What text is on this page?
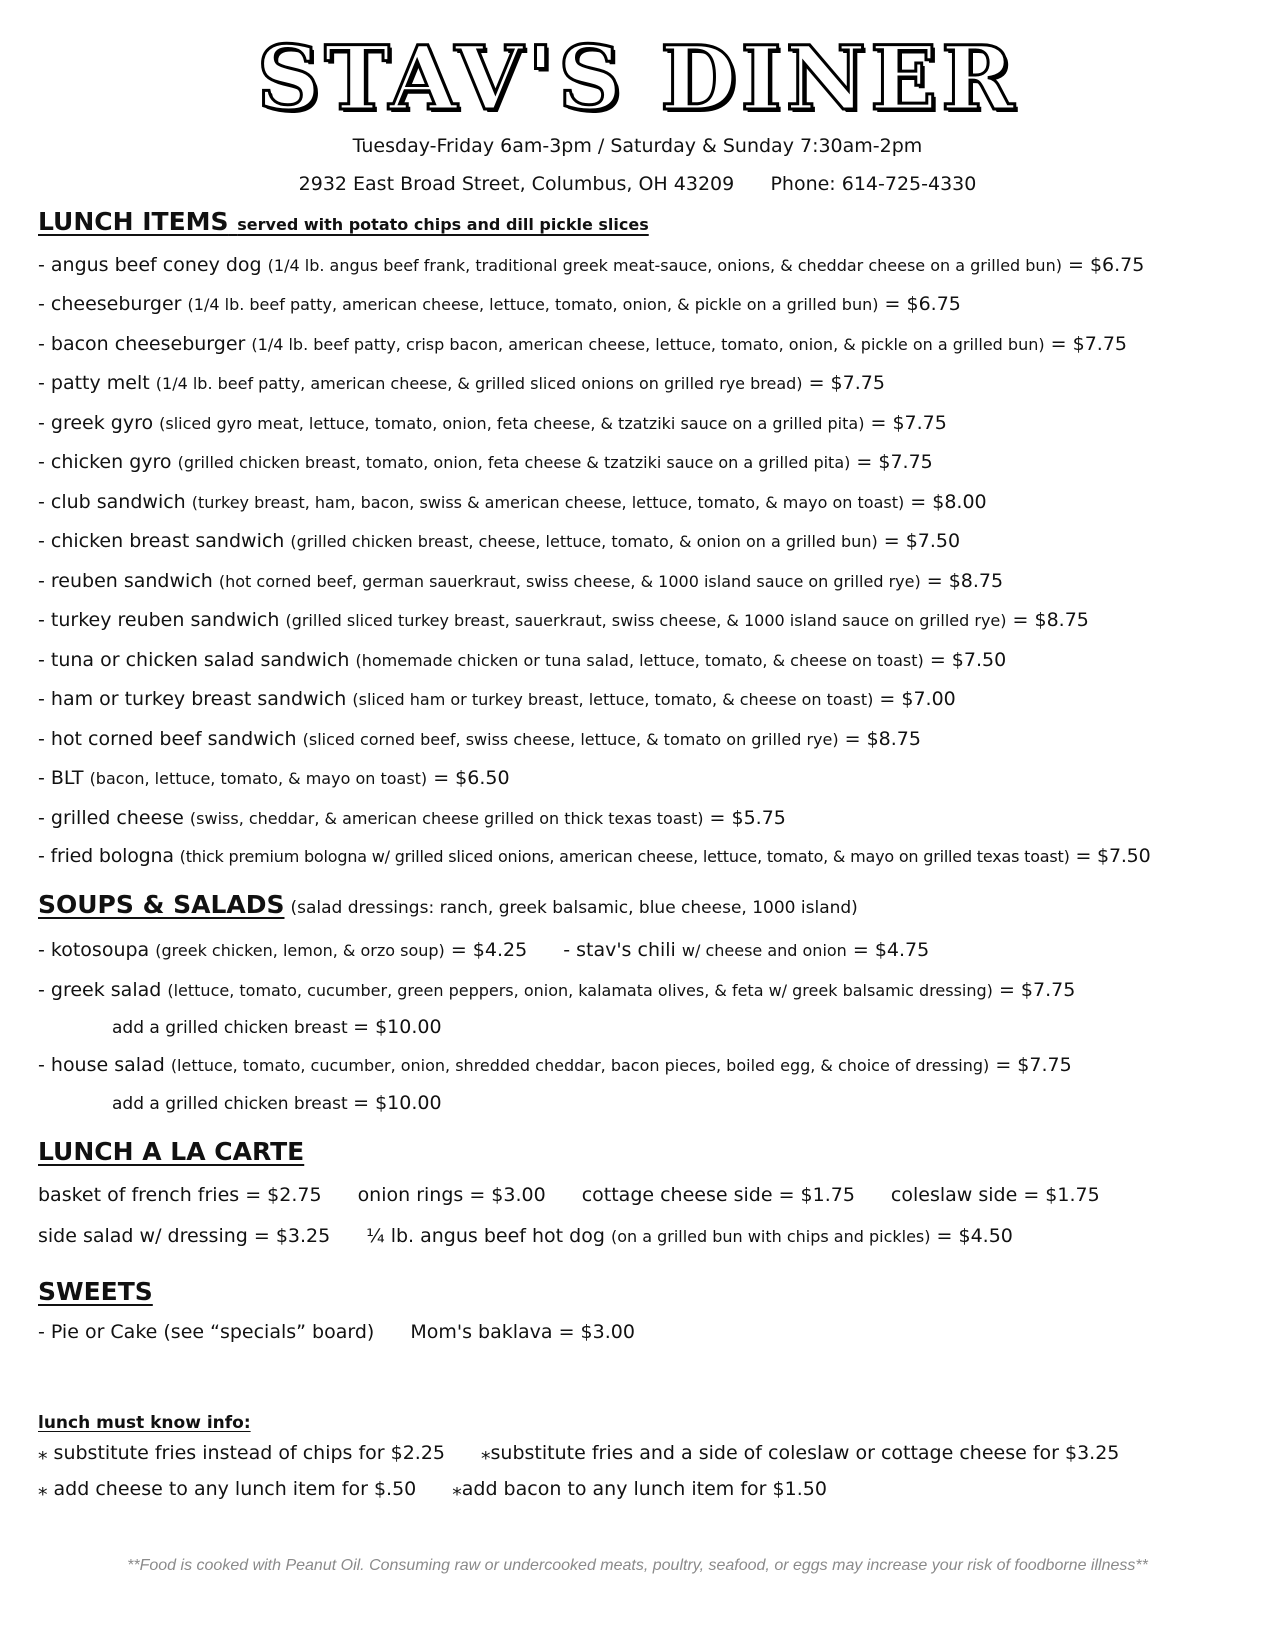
STAV'S DINER
Tuesday-Friday 6am-3pm / Saturday & Sunday 7:30am-2pm
2932 East Broad Street, Columbus, OH 43209 Phone: 614-725-4330
LUNCH ITEMS served with potato chips and dill pickle slices
- angus beef coney dog (1/4 lb. angus beef frank, traditional greek meat-sauce, onions, & cheddar cheese on a grilled bun) = $6.75
- cheeseburger (1/4 lb. beef patty, american cheese, lettuce, tomato, onion, & pickle on a grilled bun) = $6.75
- bacon cheeseburger (1/4 lb. beef patty, crisp bacon, american cheese, lettuce, tomato, onion, & pickle on a grilled bun) = $7.75
- patty melt (1/4 lb. beef patty, american cheese, & grilled sliced onions on grilled rye bread) = $7.75
- greek gyro (sliced gyro meat, lettuce, tomato, onion, feta cheese, & tzatziki sauce on a grilled pita) = $7.75
- chicken gyro (grilled chicken breast, tomato, onion, feta cheese & tzatziki sauce on a grilled pita) = $7.75
- club sandwich (turkey breast, ham, bacon, swiss & american cheese, lettuce, tomato, & mayo on toast) = $8.00
- chicken breast sandwich (grilled chicken breast, cheese, lettuce, tomato, & onion on a grilled bun) = $7.50
- reuben sandwich (hot corned beef, german sauerkraut, swiss cheese, & 1000 island sauce on grilled rye) = $8.75
- turkey reuben sandwich (grilled sliced turkey breast, sauerkraut, swiss cheese, & 1000 island sauce on grilled rye) = $8.75
- tuna or chicken salad sandwich (homemade chicken or tuna salad, lettuce, tomato, & cheese on toast) = $7.50
- ham or turkey breast sandwich (sliced ham or turkey breast, lettuce, tomato, & cheese on toast) = $7.00
- hot corned beef sandwich (sliced corned beef, swiss cheese, lettuce, & tomato on grilled rye) = $8.75
- BLT (bacon, lettuce, tomato, & mayo on toast) = $6.50
- grilled cheese (swiss, cheddar, & american cheese grilled on thick texas toast) = $5.75
- fried bologna (thick premium bologna w/ grilled sliced onions, american cheese, lettuce, tomato, & mayo on grilled texas toast) = $7.50
SOUPS & SALADS (salad dressings: ranch, greek balsamic, blue cheese, 1000 island)
- kotosoupa (greek chicken, lemon, & orzo soup) = $4.25 - stav's chili w/ cheese and onion = $4.75
- greek salad (lettuce, tomato, cucumber, green peppers, onion, kalamata olives, & feta w/ greek balsamic dressing) = $7.75
add a grilled chicken breast = $10.00
- house salad (lettuce, tomato, cucumber, onion, shredded cheddar, bacon pieces, boiled egg, & choice of dressing) = $7.75
add a grilled chicken breast = $10.00
LUNCH A LA CARTE
basket of french fries = $2.75 onion rings = $3.00 cottage cheese side = $1.75 coleslaw side = $1.75
side salad w/ dressing = $3.25 ¼ lb. angus beef hot dog (on a grilled bun with chips and pickles) = $4.50
SWEETS
- Pie or Cake (see “specials” board) Mom's baklava = $3.00
lunch must know info:
⁎ substitute fries instead of chips for $2.25 ⁎substitute fries and a side of coleslaw or cottage cheese for $3.25
⁎ add cheese to any lunch item for $.50 ⁎add bacon to any lunch item for $1.50
**Food is cooked with Peanut Oil. Consuming raw or undercooked meats, poultry, seafood, or eggs may increase your risk of foodborne illness**
